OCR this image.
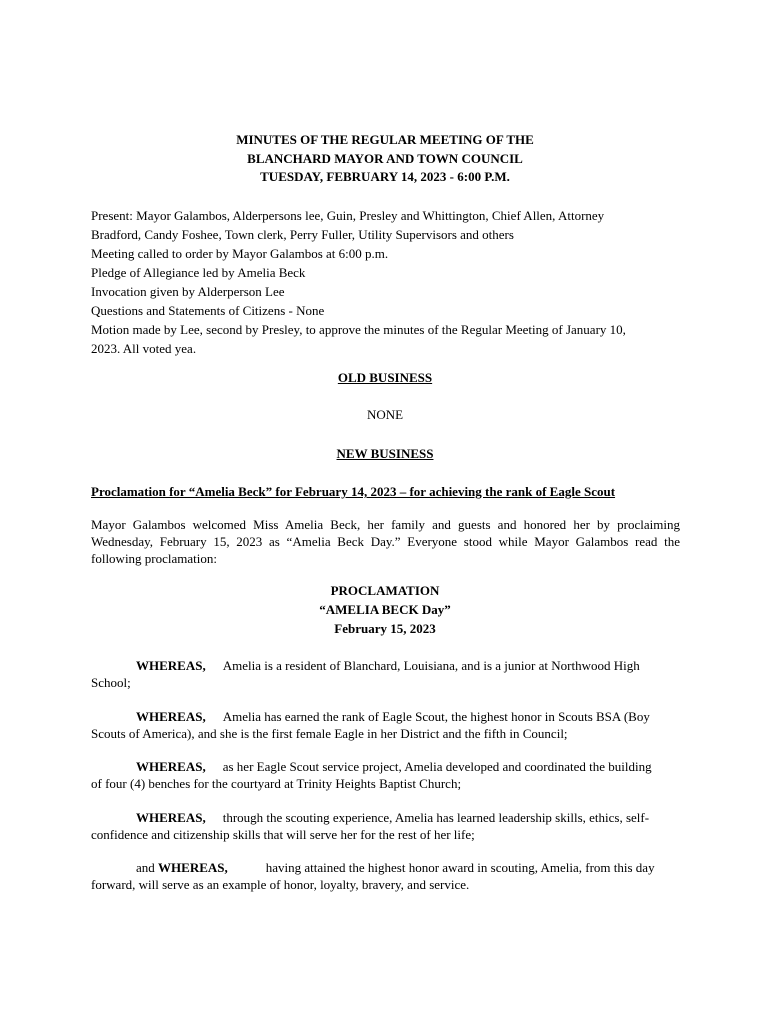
MINUTES OF THE REGULAR MEETING OF THE
BLANCHARD MAYOR AND TOWN COUNCIL
TUESDAY, FEBRUARY 14, 2023 - 6:00 P.M.
Present: Mayor Galambos, Alderpersons lee, Guin, Presley and Whittington, Chief Allen, Attorney
Bradford, Candy Foshee, Town clerk, Perry Fuller, Utility Supervisors and others
Meeting called to order by Mayor Galambos at 6:00 p.m.
Pledge of Allegiance led by Amelia Beck
Invocation given by Alderperson Lee
Questions and Statements of Citizens - None
Motion made by Lee, second by Presley, to approve the minutes of the Regular Meeting of January 10,
2023. All voted yea.
OLD BUSINESS
NONE
NEW BUSINESS
Proclamation for “Amelia Beck” for February 14, 2023 – for achieving the rank of Eagle Scout
Mayor Galambos welcomed Miss Amelia Beck, her family and guests and honored her by proclaiming Wednesday, February 15, 2023 as “Amelia Beck Day.” Everyone stood while Mayor Galambos read the following proclamation:
PROCLAMATION
“AMELIA BECK Day”
February 15, 2023
WHEREAS, Amelia is a resident of Blanchard, Louisiana, and is a junior at Northwood High
School;
WHEREAS, Amelia has earned the rank of Eagle Scout, the highest honor in Scouts BSA (Boy
Scouts of America), and she is the first female Eagle in her District and the fifth in Council;
WHEREAS, as her Eagle Scout service project, Amelia developed and coordinated the building
of four (4) benches for the courtyard at Trinity Heights Baptist Church;
WHEREAS, through the scouting experience, Amelia has learned leadership skills, ethics, self-
confidence and citizenship skills that will serve her for the rest of her life;
and WHEREAS,	having attained the highest honor award in scouting, Amelia, from this day
forward, will serve as an example of honor, loyalty, bravery, and service.
